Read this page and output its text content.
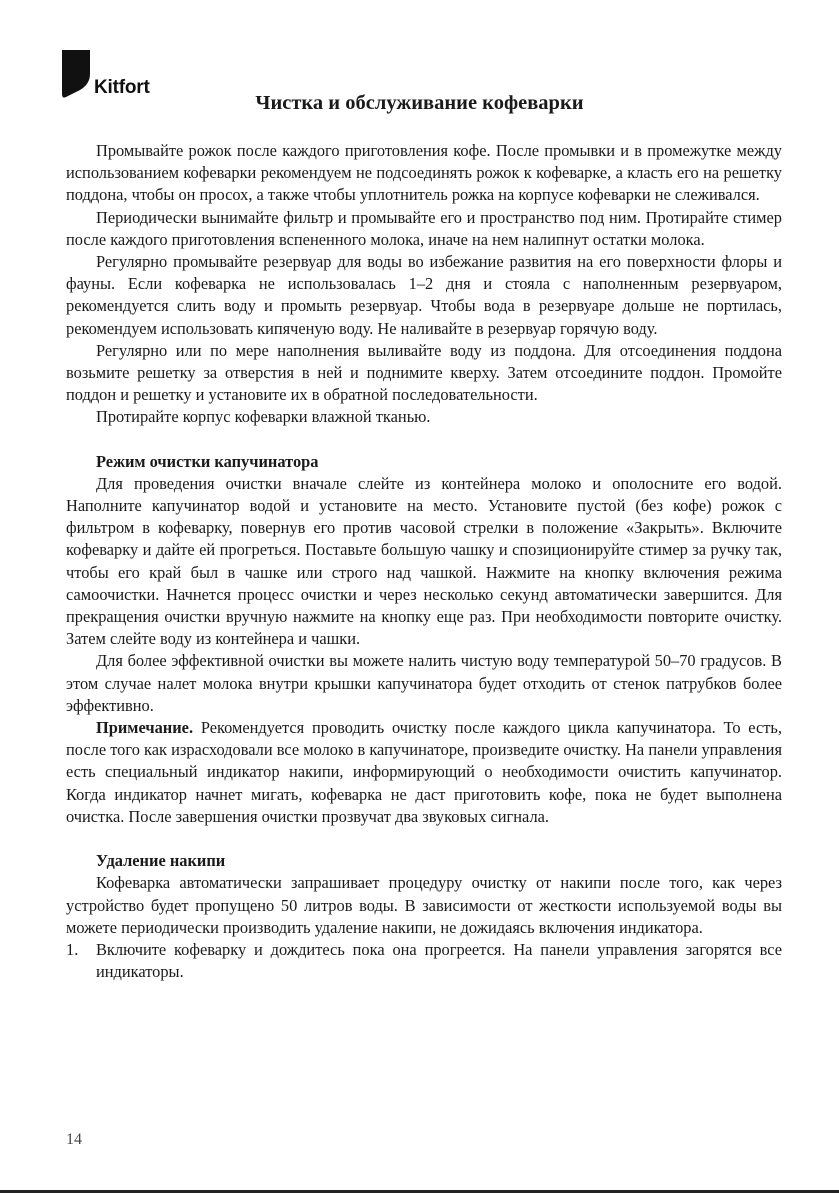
Kitfort
Чистка и обслуживание кофеварки

Промывайте рожок после каждого приготовления кофе. После промывки и в промежутке между использованием кофеварки рекомендуем не подсоединять рожок к кофеварке, а класть его на решетку поддона, чтобы он просох, а также чтобы уплотнитель рожка на корпусе кофеварки не слеживался.

Периодически вынимайте фильтр и промывайте его и пространство под ним. Протирайте стимер после каждого приготовления вспененного молока, иначе на нем налипнут остатки молока.

Регулярно промывайте резервуар для воды во избежание развития на его поверхности флоры и фауны. Если кофеварка не использовалась 1–2 дня и стояла с наполненным резервуаром, рекомендуется слить воду и промыть резервуар. Чтобы вода в резервуаре дольше не портилась, рекомендуем использовать кипяченую воду. Не наливайте в резервуар горячую воду.

Регулярно или по мере наполнения выливайте воду из поддона. Для отсоединения поддона возьмите решетку за отверстия в ней и поднимите кверху. Затем отсоедините поддон. Промойте поддон и решетку и установите их в обратной последовательности.

Протирайте корпус кофеварки влажной тканью.

Режим очистки капучинатора

Для проведения очистки вначале слейте из контейнера молоко и ополосните его водой. Наполните капучинатор водой и установите на место. Установите пустой (без кофе) рожок с фильтром в кофеварку, повернув его против часовой стрелки в положение «Закрыть». Включите кофеварку и дайте ей прогреться. Поставьте большую чашку и спозиционируйте стимер за ручку так, чтобы его край был в чашке или строго над чашкой. Нажмите на кнопку включения режима самоочистки. Начнется процесс очистки и через несколько секунд автоматически завершится. Для прекращения очистки вручную нажмите на кнопку еще раз. При необходимости повторите очистку. Затем слейте воду из контейнера и чашки.

Для более эффективной очистки вы можете налить чистую воду температурой 50–70 градусов. В этом случае налет молока внутри крышки капучинатора будет отходить от стенок патрубков более эффективно.

Примечание. Рекомендуется проводить очистку после каждого цикла капучинатора. То есть, после того как израсходовали все молоко в капучинаторе, произведите очистку. На панели управления есть специальный индикатор накипи, информирующий о необходимости очистить капучинатор. Когда индикатор начнет мигать, кофеварка не даст приготовить кофе, пока не будет выполнена очистка. После завершения очистки прозвучат два звуковых сигнала.

Удаление накипи

Кофеварка автоматически запрашивает процедуру очистку от накипи после того, как через устройство будет пропущено 50 литров воды. В зависимости от жесткости используемой воды вы можете периодически производить удаление накипи, не дожидаясь включения индикатора.

1. Включите кофеварку и дождитесь пока она прогреется. На панели управления загорятся все индикаторы.
14
